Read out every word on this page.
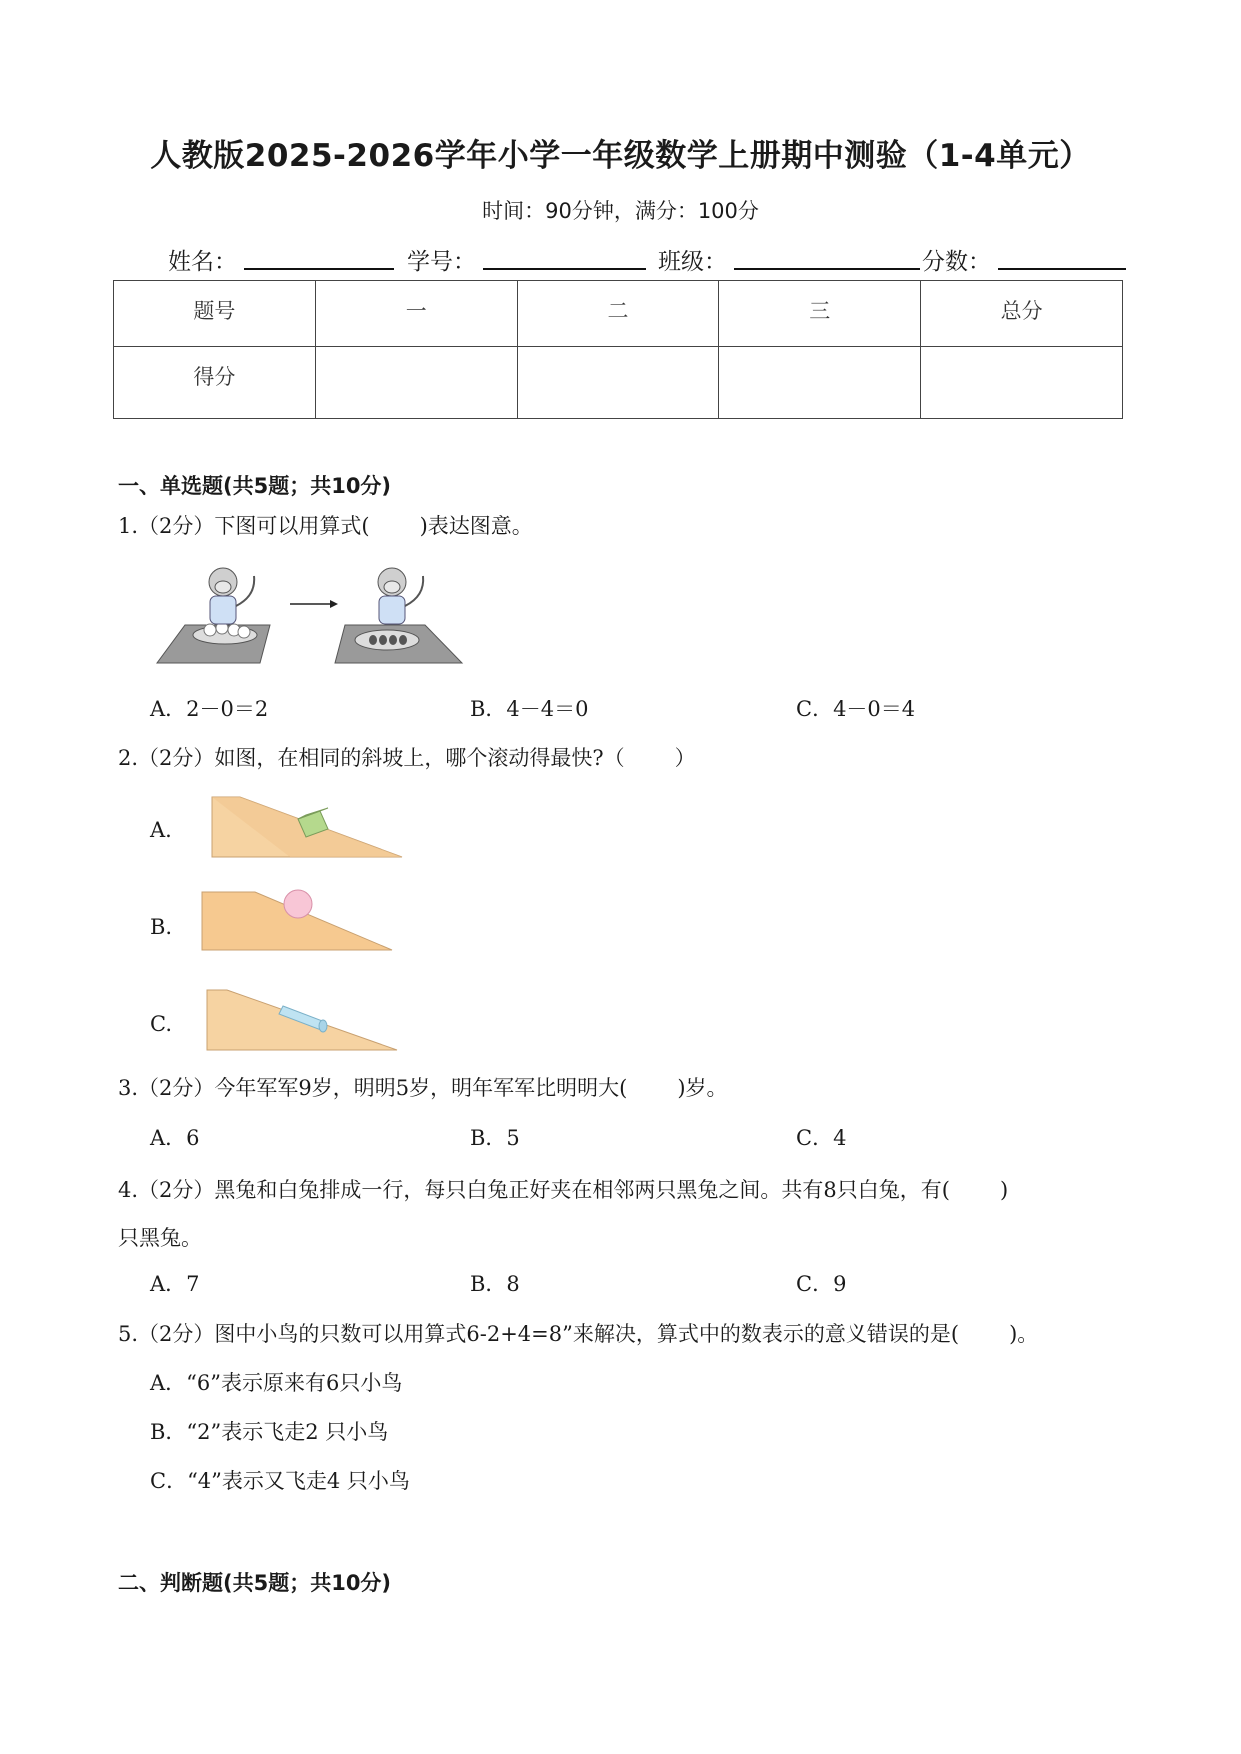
人教版2025-2026学年小学一年级数学上册期中测验（1-4单元）
时间：90分钟，满分：100分
姓名：	学号：	班级：	分数：
题号	一	二	三	总分
得分				
一、单选题(共5题；共10分)
1.（2分）下图可以用算式( )表达图意。
A．2－0＝2	B．4－4＝0	C．4－0＝4
2.（2分）如图，在相同的斜坡上，哪个滚动得最快?（ ）
A.
B.
C.
3.（2分）今年军军9岁，明明5岁，明年军军比明明大( )岁。
A．6	B．5	C．4
4.（2分）黑兔和白兔排成一行，每只白兔正好夹在相邻两只黑兔之间。共有8只白兔，有( )
只黑兔。
A．7	B．8	C．9
5.（2分）图中小鸟的只数可以用算式6-2+4=8”来解决，算式中的数表示的意义错误的是( )。
A．“6”表示原来有6只小鸟
B．“2”表示飞走2 只小鸟
C．“4”表示又飞走4 只小鸟
二、判断题(共5题；共10分)
